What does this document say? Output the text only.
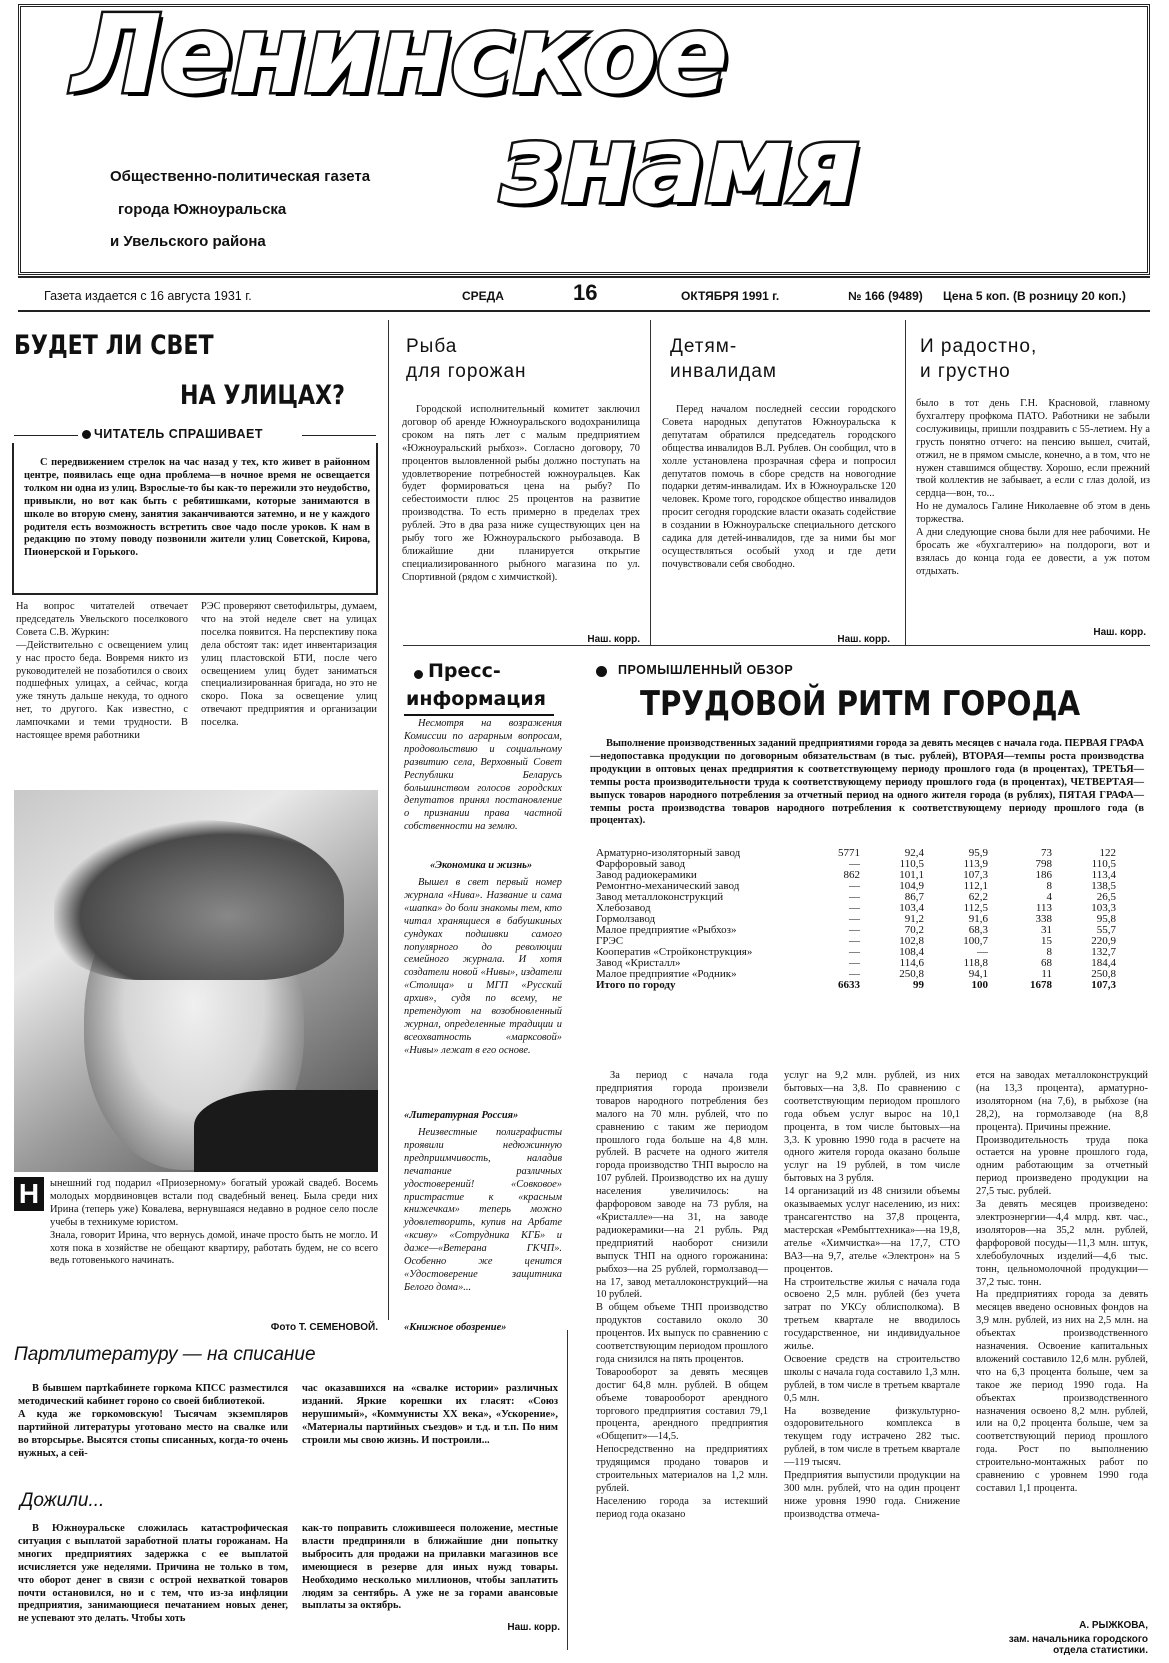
Ленинское
знамя
Общественно-политическая газета
города Южноуральска
и Увельского района
Газета издается с 16 августа 1931 г.	СРЕДА	16	ОКТЯБРЯ 1991 г.	№ 166 (9489) Цена 5 коп. (В розницу 20 коп.)
БУДЕТ ЛИ СВЕТ
НА УЛИЦАХ?
ЧИТАТЕЛЬ СПРАШИВАЕТ
С передвижением стрелок на час назад у тех, кто живет в районном центре, появилась еще одна проблема—в ночное время не освещается толком ни одна из улиц. Взрослые-то бы как-то пережили это неудобство, привыкли, но вот как быть с ребятишками, которые занимаются в школе во вторую смену, занятия заканчиваются затемно, и не у каждого родителя есть возможность встретить свое чадо после уроков. К нам в редакцию по этому поводу позвонили жители улиц Советской, Кирова, Пионерской и Горького.
На вопрос читателей отвечает председатель Увельского поселкового Совета С.В. Журкин:
—Действительно с освещением улиц у нас просто беда. Вовремя никто из руководителей не позаботился о своих подшефных улицах, а сейчас, когда уже тянуть дальше некуда, то одного нет, то другого. Как известно, с лампочками и теми трудности. В настоящее время работники
РЭС проверяют светофильтры, думаем, что на этой неделе свет на улицах поселка появится. На перспективу пока дела обстоят так: идет инвентаризация улиц пластовской БТИ, после чего освещением улиц будет заниматься специализированная бригада, но это не скоро. Пока за освещение улиц отвечают предприятия и организации поселка.
Н	ынешний год подарил «Приозерному» богатый урожай свадеб. Восемь молодых мордвиновцев встали под свадебный венец. Была среди них Ирина (теперь уже) Ковалева, вернувшаяся недавно в родное село после учебы в техникуме юристом.
Знала, говорит Ирина, что вернусь домой, иначе просто быть не могло. И хотя пока в хозяйстве не обещают квартиру, работать будем, не со всего ведь готовенького начинать.
Фото Т. СЕМЕНОВОЙ.
Рыба
для горожан
Городской исполнительный комитет заключил договор об аренде Южноуральского водохранилища сроком на пять лет с малым предприятием «Южноуральский рыбхоз». Согласно договору, 70 процентов выловленной рыбы должно поступать на удовлетворение потребностей южноуральцев. Как будет формироваться цена на рыбу? По себестоимости плюс 25 процентов на развитие производства. То есть примерно в пределах трех рублей. Это в два раза ниже существующих цен на рыбу того же Южноуральского рыбозавода. В ближайшие дни планируется открытие специализированного рыбного магазина по ул. Спортивной (рядом с химчисткой).
Наш. корр.
Детям-
инвалидам
Перед началом последней сессии городского Совета народных депутатов Южноуральска к депутатам обратился председатель городского общества инвалидов В.Л. Рублев. Он сообщил, что в холле установлена прозрачная сфера и попросил депутатов помочь в сборе средств на новогодние подарки детям-инвалидам. Их в Южноуральске 120 человек. Кроме того, городское общество инвалидов просит сегодня городские власти оказать содействие в создании в Южноуральске специального детского садика для детей-инвалидов, где за ними бы мог осуществляться особый уход и где дети почувствовали себя свободно.
Наш. корр.
И радостно,
и грустно
было в тот день Г.Н. Красновой, главному бухгалтеру профкома ПАТО. Работники не забыли сослуживицы, пришли поздравить с 55-летием. Ну а грусть понятно отчего: на пенсию вышел, считай, отжил, не в прямом смысле, конечно, а в том, что не нужен ставшимся обществу. Хорошо, если прежний твой коллектив не забывает, а если с глаз долой, из сердца—вон, то...
Но не думалось Галине Николаевне об этом в день торжества.
А дни следующие снова были для нее рабочими. Не бросать же «бухгалтерию» на полдороги, вот и взялась до конца года ее довести, а уж потом отдыхать.
Наш. корр.
Пресс-
информация
Несмотря на возражения Комиссии по аграрным вопросам, продовольствию и социальному развитию села, Верховный Совет Республики Беларусь большинством голосов городских депутатов принял постановление о признании права частной собственности на землю.
«Экономика и жизнь»
Вышел в свет первый номер журнала «Нива». Название и сама «шапка» до боли знакомы тем, кто читал хранящиеся в бабушкиных сундуках подшивки самого популярного до революции семейного журнала. И хотя создатели новой «Нивы», издатели «Столица» и МГП «Русский архив», судя по всему, не претендуют на возобновленный журнал, определенные традиции и всеохватность «марксовой» «Нивы» лежат в его основе.
«Литературная Россия»
Неизвестные полиграфисты проявили недюжинную предприимчивость, наладив печатание различных удостоверений! «Совковое» пристрастие к «красным книжечкам» теперь можно удовлетворить, купив на Арбате «ксиву» «Сотрудника КГБ» и даже—«Ветерана ГКЧП». Особенно же ценится «Удостоверение защитника Белого дома»...
«Книжное обозрение»
ПРОМЫШЛЕННЫЙ ОБЗОР
ТРУДОВОЙ РИТМ ГОРОДА
Выполнение производственных заданий предприятиями города за девять месяцев с начала года. ПЕРВАЯ ГРАФА—недопоставка продукции по договорным обязательствам (в тыс. рублей), ВТОРАЯ—темпы роста производства продукции в оптовых ценах предприятия к соответствующему периоду прошлого года (в процентах), ТРЕТЬЯ—темпы роста производительности труда к соответствующему периоду прошлого года (в процентах), ЧЕТВЕРТАЯ—выпуск товаров народного потребления за отчетный период на одного жителя города (в рублях), ПЯТАЯ ГРАФА—темпы роста производства товаров народного потребления к соответствующему периоду прошлого года (в процентах).
Арматурно-изоляторный завод	5771	92,4	95,9	73	122
Фарфоровый завод	—	110,5	113,9	798	110,5
Завод радиокерамики	862	101,1	107,3	186	113,4
Ремонтно-механический завод	—	104,9	112,1	8	138,5
Завод металлоконструкций	—	86,7	62,2	4	26,5
Хлебозавод	—	103,4	112,5	113	103,3
Гормолзавод	—	91,2	91,6	338	95,8
Малое предприятие «Рыбхоз»	—	70,2	68,3	31	55,7
ГРЭС	—	102,8	100,7	15	220,9
Кооператив «Стройконструкция»	—	108,4	—	8	132,7
Завод «Кристалл»	—	114,6	118,8	68	184,4
Малое предприятие «Родник»	—	250,8	94,1	11	250,8
Итого по городу	6633	99	100	1678	107,3
За период с начала года предприятия города произвели товаров народного потребления без малого на 70 млн. рублей, что по сравнению с таким же периодом прошлого года больше на 4,8 млн. рублей. В расчете на одного жителя города производство ТНП выросло на 107 рублей. Производство их на душу населения увеличилось: на фарфоровом заводе на 73 рубля, на «Кристалле»—на 31, на заводе радиокерамики—на 21 рубль. Ряд предприятий наоборот снизили выпуск ТНП на одного горожанина: рыбхоз—на 25 рублей, гормолзавод—на 17, завод металлоконструкций—на 10 рублей.
В общем объеме ТНП производство продуктов составило около 30 процентов. Их выпуск по сравнению с соответствующим периодом прошлого года снизился на пять процентов.
Товарооборот за девять месяцев достиг 64,8 млн. рублей. В общем объеме товарооборот арендного торгового предприятия составил 79,1 процента, арендного предприятия «Общепит»—14,5.
Непосредственно на предприятиях трудящимся продано товаров и строительных материалов на 1,2 млн. рублей.
Населению города за истекший период года оказано
услуг на 9,2 млн. рублей, из них бытовых—на 3,8. По сравнению с соответствующим периодом прошлого года объем услуг вырос на 10,1 процента, в том числе бытовых—на 3,3. К уровню 1990 года в расчете на одного жителя города оказано больше услуг на 19 рублей, в том числе бытовых на 3 рубля.
14 организаций из 48 снизили объемы оказываемых услуг населению, из них: трансагентство на 37,8 процента, мастерская «Рембыттехника»—на 19,8, ателье «Химчистка»—на 17,7, СТО ВАЗ—на 9,7, ателье «Электрон» на 5 процентов.
На строительстве жилья с начала года освоено 2,5 млн. рублей (без учета затрат по УКСу облисполкома). В третьем квартале не вводилось государственное, ни индивидуальное жилье.
Освоение средств на строительство школы с начала года составило 1,3 млн. рублей, в том числе в третьем квартале 0,5 млн.
На возведение физкультурно-оздоровительного комплекса в текущем году истрачено 282 тыс. рублей, в том числе в третьем квартале—119 тысяч.
Предприятия выпустили продукции на 300 млн. рублей, что на один процент ниже уровня 1990 года. Снижение производства отмеча-
ется на заводах металлоконструкций (на 13,3 процента), арматурно-изоляторном (на 7,6), в рыбхозе (на 28,2), на гормолзаводе (на 8,8 процента). Причины прежние.
Производительность труда пока остается на уровне прошлого года, одним работающим за отчетный период произведено продукции на 27,5 тыс. рублей.
За девять месяцев произведено: электроэнергии—4,4 млрд. квт. час., изоляторов—на 35,2 млн. рублей, фарфоровой посуды—11,3 млн. штук, хлебобулочных изделий—4,6 тыс. тонн, цельномолочной продукции—37,2 тыс. тонн.
На предприятиях города за девять месяцев введено основных фондов на 3,9 млн. рублей, из них на 2,5 млн. на объектах производственного назначения. Освоение капитальных вложений составило 12,6 млн. рублей, что на 6,3 процента больше, чем за такое же период 1990 года. На объектах производственного назначения освоено 8,2 млн. рублей, или на 0,2 процента больше, чем за соответствующий период прошлого года. Рост по выполнению строительно-монтажных работ по сравнению с уровнем 1990 года составил 1,1 процента.
А. РЫЖКОВА,
зам. начальника городского отдела статистики.
Партлитературу — на списание
В бывшем партkабинете горкома КПСС разместился методический кабинет гороно со своей библиотекой.
А куда же горкомовскую! Тысячам экземпляров партийной литературы уготовано место на свалке или во вторсырье. Высятся стопы списанных, когда-то очень нужных, а сей-
час оказавшихся на «свалке истории» различных изданий. Яркие корешки их гласят: «Союз нерушимый», «Коммунисты XX века», «Ускорение», «Материалы партийных съездов» и т.д. и т.п. По ним строили мы свою жизнь. И построили...
Дожили...
В Южноуральске сложилась катастрофическая ситуация с выплатой заработной платы горожанам. На многих предприятиях задержка с ее выплатой исчисляется уже неделями. Причина не только в том, что оборот денег в связи с острой нехваткой товаров почти остановился, но и с тем, что из-за инфляции предприятия, занимающиеся печатанием новых денег, не успевают это делать. Чтобы хоть
как-то поправить сложившееся положение, местные власти предприняли в ближайшие дни попытку выбросить для продажи на прилавки магазинов все имеющиеся в резерве для иных нужд товары. Необходимо несколько миллионов, чтобы заплатить людям за сентябрь. А уже не за горами авансовые выплаты за октябрь.
Наш. корр.
